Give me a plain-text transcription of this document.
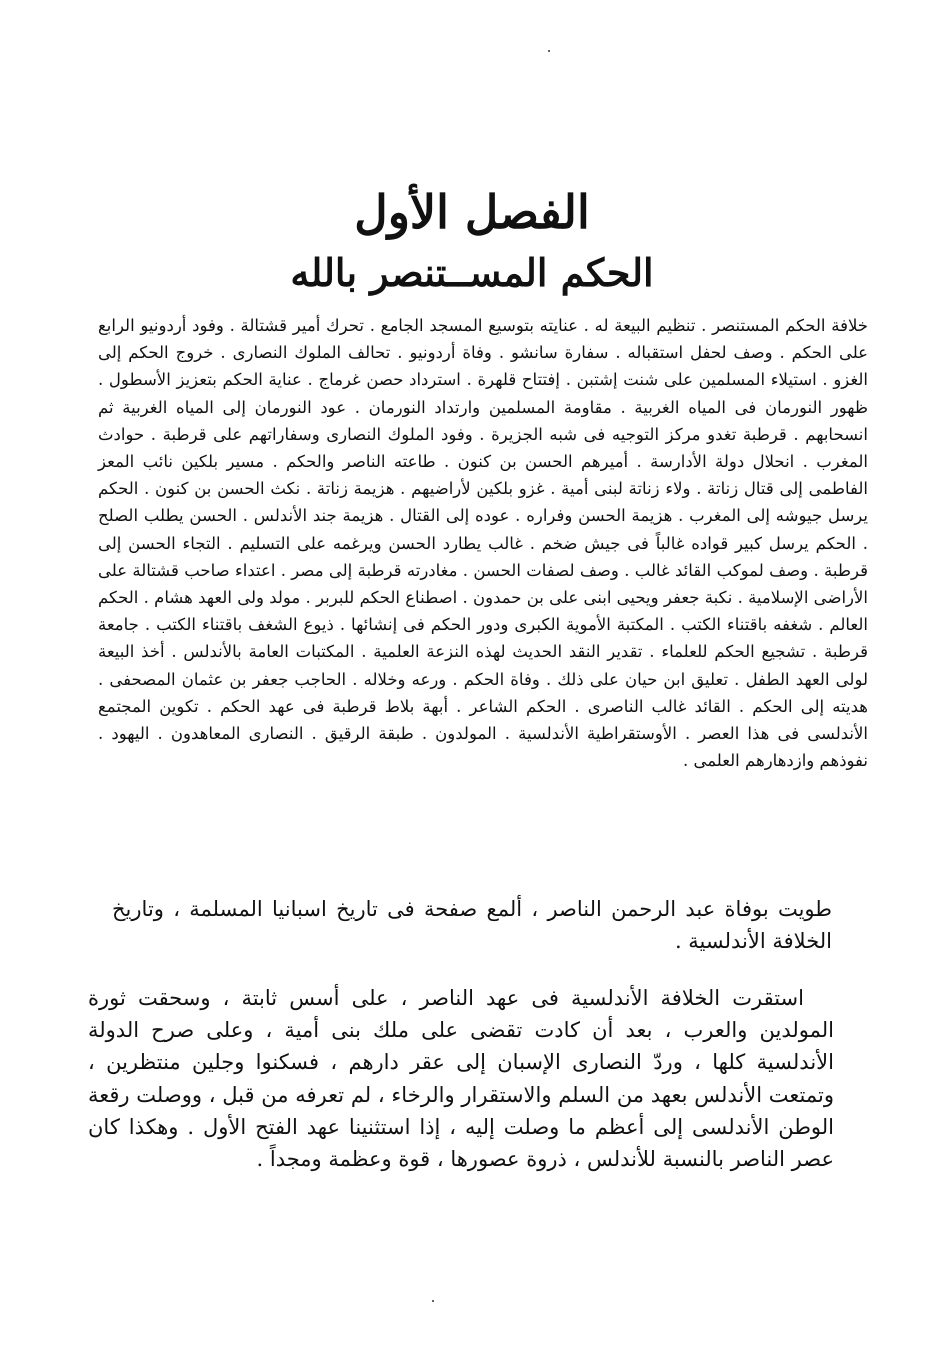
الفصل الأول
الحكم المســتنصر بالله
خلافة الحكم المستنصر . تنظيم البيعة له . عنايته بتوسيع المسجد الجامع . تحرك أمير قشتالة . وفود أردونيو الرابع على الحكم . وصف لحفل استقباله . سفارة سانشو . وفاة أردونيو . تحالف الملوك النصارى . خروج الحكم إلى الغزو . استيلاء المسلمين على شنت إشتبن . إفتتاح قلهرة . استرداد حصن غرماج . عناية الحكم بتعزيز الأسطول . ظهور النورمان فى المياه الغربية . مقاومة المسلمين وارتداد النورمان . عود النورمان إلى المياه الغربية ثم انسحابهم . قرطبة تغدو مركز التوجيه فى شبه الجزيرة . وفود الملوك النصارى وسفاراتهم على قرطبة . حوادث المغرب . انحلال دولة الأدارسة . أميرهم الحسن بن كنون . طاعته الناصر والحكم . مسير بلكين نائب المعز الفاطمى إلى قتال زناتة . ولاء زناتة لبنى أمية . غزو بلكين لأراضيهم . هزيمة زناتة . نكث الحسن بن كنون . الحكم يرسل جيوشه إلى المغرب . هزيمة الحسن وفراره . عوده إلى القتال . هزيمة جند الأندلس . الحسن يطلب الصلح . الحكم يرسل كبير قواده غالباً فى جيش ضخم . غالب يطارد الحسن ويرغمه على التسليم . التجاء الحسن إلى قرطبة . وصف لموكب القائد غالب . وصف لصفات الحسن . مغادرته قرطبة إلى مصر . اعتداء صاحب قشتالة على الأراضى الإسلامية . نكبة جعفر ويحيى ابنى على بن حمدون . اصطناع الحكم للبربر . مولد ولى العهد هشام . الحكم العالم . شغفه باقتناء الكتب . المكتبة الأموية الكبرى ودور الحكم فى إنشائها . ذيوع الشغف باقتناء الكتب . جامعة قرطبة . تشجيع الحكم للعلماء . تقدير النقد الحديث لهذه النزعة العلمية . المكتبات العامة بالأندلس . أخذ البيعة لولى العهد الطفل . تعليق ابن حيان على ذلك . وفاة الحكم . ورعه وخلاله . الحاجب جعفر بن عثمان المصحفى . هديته إلى الحكم . القائد غالب الناصرى . الحكم الشاعر . أبهة بلاط قرطبة فى عهد الحكم . تكوين المجتمع الأندلسى فى هذا العصر . الأوستقراطية الأندلسية . المولدون . طبقة الرقيق . النصارى المعاهدون . اليهود . نفوذهم وازدهارهم العلمى .
طويت بوفاة عبد الرحمن الناصر ، ألمع صفحة فى تاريخ اسبانيا المسلمة ، وتاريخ الخلافة الأندلسية .
استقرت الخلافة الأندلسية فى عهد الناصر ، على أسس ثابتة ، وسحقت ثورة المولدين والعرب ، بعد أن كادت تقضى على ملك بنى أمية ، وعلى صرح الدولة الأندلسية كلها ، وردّ النصارى الإسبان إلى عقر دارهم ، فسكنوا وجلين منتظرين ، وتمتعت الأندلس بعهد من السلم والاستقرار والرخاء ، لم تعرفه من قبل ، ووصلت رقعة الوطن الأندلسى إلى أعظم ما وصلت إليه ، إذا استثنينا عهد الفتح الأول . وهكذا كان عصر الناصر بالنسبة للأندلس ، ذروة عصورها ، قوة وعظمة ومجداً .
